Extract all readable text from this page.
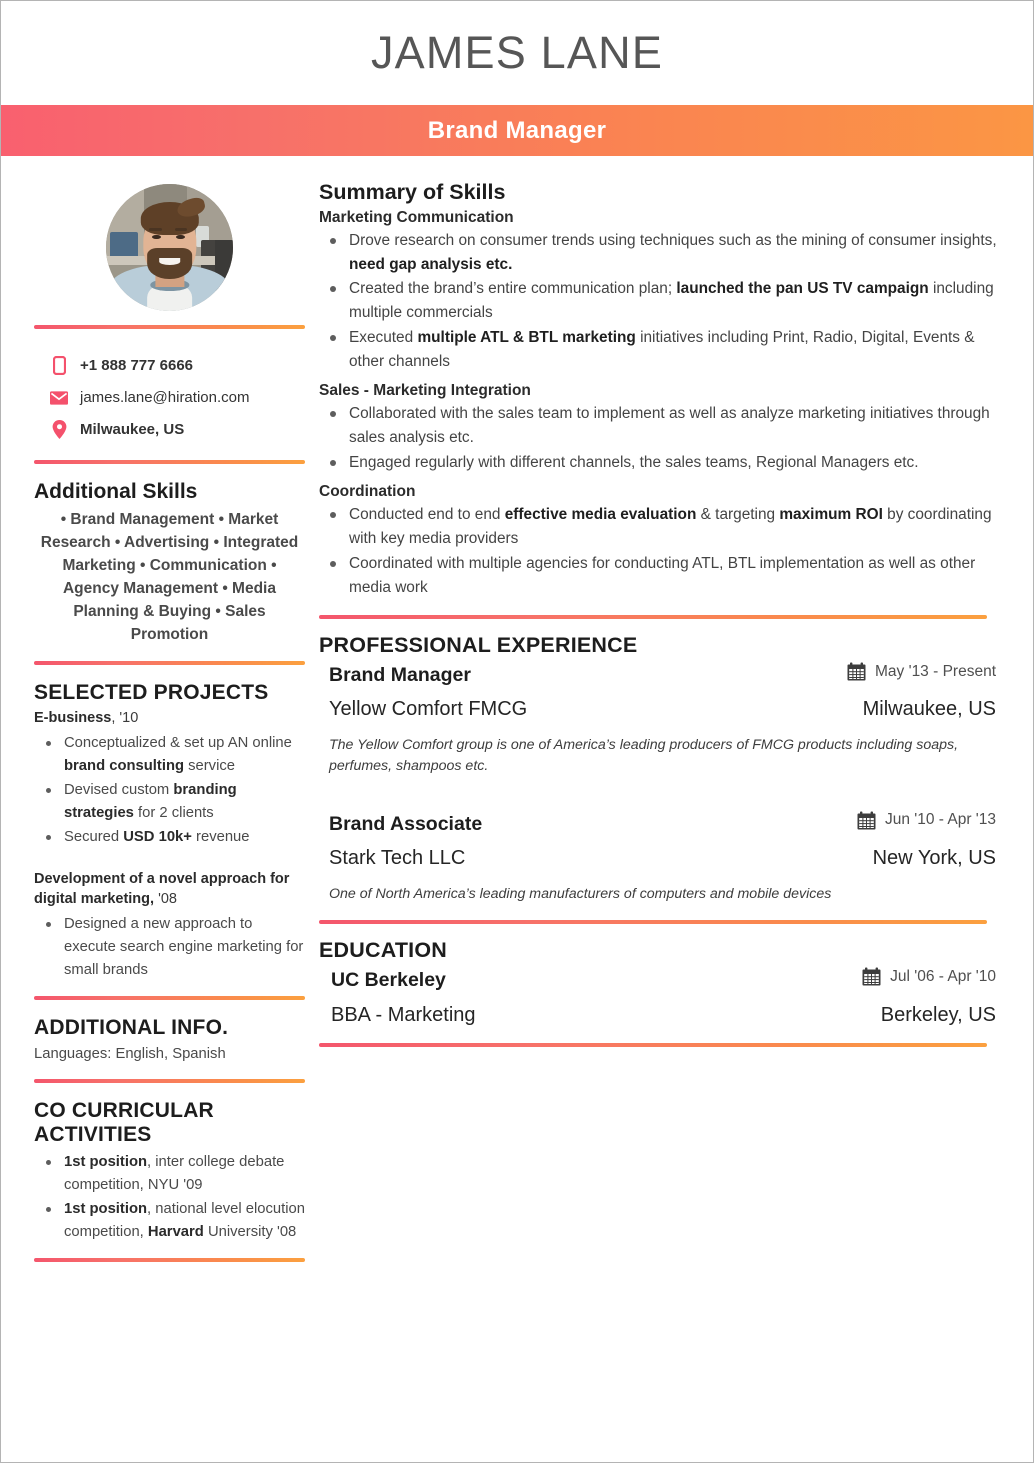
JAMES LANE
Brand Manager
+1 888 777 6666
james.lane@hiration.com
Milwaukee, US
Additional Skills
• Brand Management • Market Research • Advertising • Integrated Marketing • Communication • Agency Management • Media Planning & Buying • Sales Promotion
SELECTED PROJECTS
E-business, '10
Conceptualized & set up AN online brand consulting service
Devised custom branding strategies for 2 clients
Secured USD 10k+ revenue
Development of a novel approach for digital marketing, '08
Designed a new approach to execute search engine marketing for small brands
ADDITIONAL INFO.
Languages: English, Spanish
CO CURRICULAR ACTIVITIES
1st position, inter college debate competition, NYU '09
1st position, national level elocution competition, Harvard University '08
Summary of Skills
Marketing Communication
Drove research on consumer trends using techniques such as the mining of consumer insights, need gap analysis etc.
Created the brand’s entire communication plan; launched the pan US TV campaign including multiple commercials
Executed multiple ATL & BTL marketing initiatives including Print, Radio, Digital, Events & other channels
Sales - Marketing Integration
Collaborated with the sales team to implement as well as analyze marketing initiatives through sales analysis etc.
Engaged regularly with different channels, the sales teams, Regional Managers etc.
Coordination
Conducted end to end effective media evaluation & targeting maximum ROI by coordinating with key media providers
Coordinated with multiple agencies for conducting ATL, BTL implementation as well as other media work
PROFESSIONAL EXPERIENCE
Brand Manager	May '13 - Present
Yellow Comfort FMCG	Milwaukee, US
The Yellow Comfort group is one of America’s leading producers of FMCG products including soaps, perfumes, shampoos etc.
Brand Associate	Jun '10 - Apr '13
Stark Tech LLC	New York, US
One of North America’s leading manufacturers of computers and mobile devices
EDUCATION
UC Berkeley	Jul '06 - Apr '10
BBA - Marketing	Berkeley, US
